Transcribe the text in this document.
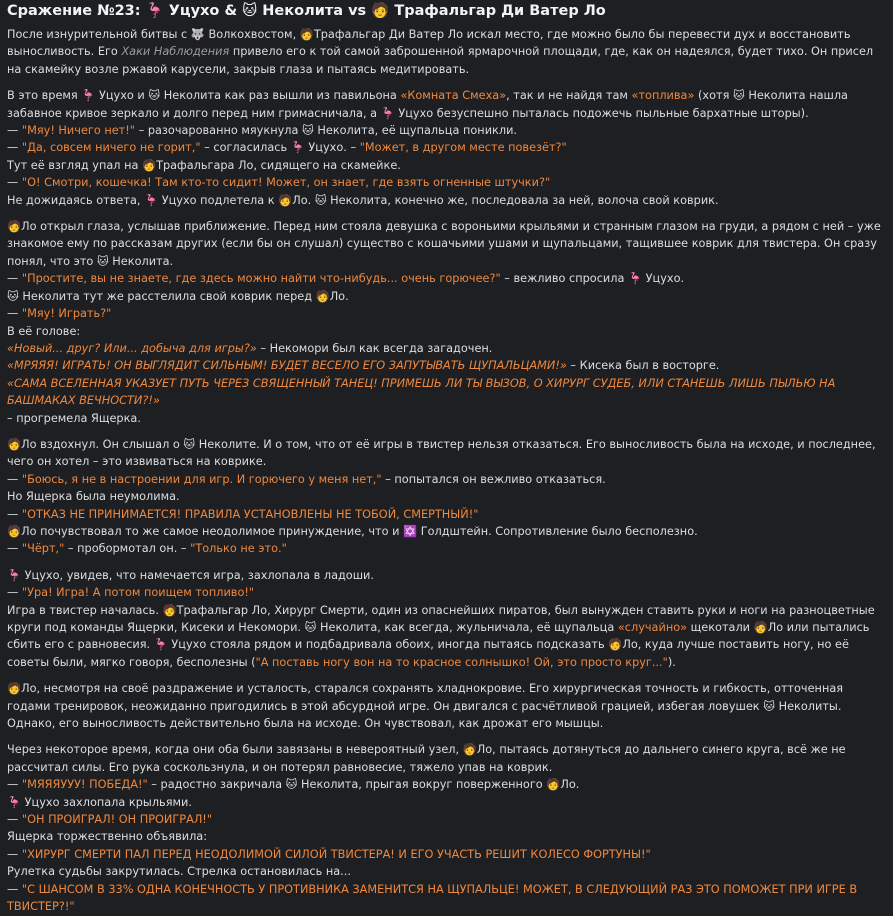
Сражение №23: 🦩 Уцухо & 🐱 Неколита vs 🧑 Трафальгар Ди Ватер Ло

После изнурительной битвы с 🐺 Волкохвостом, 🧑Трафальгар Ди Ватер Ло искал место, где можно было бы перевести дух и восстановить выносливость. Его Хаки Наблюдения привело его к той самой заброшенной ярмарочной площади, где, как он надеялся, будет тихо. Он присел на скамейку возле ржавой карусели, закрыв глаза и пытаясь медитировать.

В это время 🦩 Уцухо и 🐱 Неколита как раз вышли из павильона «Комната Смеха», так и не найдя там «топлива» (хотя 🐱 Неколита нашла забавное кривое зеркало и долго перед ним гримасничала, а 🦩 Уцухо безуспешно пыталась подожечь пыльные бархатные шторы).
— "Мяу! Ничего нет!" – разочарованно мяукнула 🐱 Неколита, её щупальца поникли.
— "Да, совсем ничего не горит," – согласилась 🦩 Уцухо. – "Может, в другом месте повезёт?"
Тут её взгляд упал на 🧑Трафальгара Ло, сидящего на скамейке.
— "О! Смотри, кошечка! Там кто-то сидит! Может, он знает, где взять огненные штучки?"
Не дожидаясь ответа, 🦩 Уцухо подлетела к 🧑Ло. 🐱 Неколита, конечно же, последовала за ней, волоча свой коврик.

🧑Ло открыл глаза, услышав приближение. Перед ним стояла девушка с вороньими крыльями и странным глазом на груди, а рядом с ней – уже знакомое ему по рассказам других (если бы он слушал) существо с кошачьими ушами и щупальцами, тащившее коврик для твистера. Он сразу понял, что это 🐱 Неколита.
— "Простите, вы не знаете, где здесь можно найти что-нибудь... очень горючее?" – вежливо спросила 🦩 Уцухо.
🐱 Неколита тут же расстелила свой коврик перед 🧑Ло.
— "Мяу! Играть?"
В её голове:
«Новый... друг? Или... добыча для игры?» – Некомори был как всегда загадочен.
«МРЯЯЯ! ИГРАТЬ! ОН ВЫГЛЯДИТ СИЛЬНЫМ! БУДЕТ ВЕСЕЛО ЕГО ЗАПУТЫВАТЬ ЩУПАЛЬЦАМИ!» – Кисека был в восторге.
«САМА ВСЕЛЕННАЯ УКАЗУЕТ ПУТЬ ЧЕРЕЗ СВЯЩЕННЫЙ ТАНЕЦ! ПРИМЕШЬ ЛИ ТЫ ВЫЗОВ, О ХИРУРГ СУДЕБ, ИЛИ СТАНЕШЬ ЛИШЬ ПЫЛЬЮ НА БАШМАКАХ ВЕЧНОСТИ?!»
– прогремела Ящерка.

🧑Ло вздохнул. Он слышал о 🐱 Неколите. И о том, что от её игры в твистер нельзя отказаться. Его выносливость была на исходе, и последнее, чего он хотел – это извиваться на коврике.
— "Боюсь, я не в настроении для игр. И горючего у меня нет," – попытался он вежливо отказаться.
Но Ящерка была неумолима.
— "ОТКАЗ НЕ ПРИНИМАЕТСЯ! ПРАВИЛА УСТАНОВЛЕНЫ НЕ ТОБОЙ, СМЕРТНЫЙ!"
🧑Ло почувствовал то же самое неодолимое принуждение, что и ✡️ Голдштейн. Сопротивление было бесполезно.
— "Чёрт," – пробормотал он. – "Только не это."

🦩 Уцухо, увидев, что намечается игра, захлопала в ладоши.
— "Ура! Игра! А потом поищем топливо!"
Игра в твистер началась. 🧑Трафальгар Ло, Хирург Смерти, один из опаснейших пиратов, был вынужден ставить руки и ноги на разноцветные круги под команды Ящерки, Кисеки и Некомори. 🐱 Неколита, как всегда, жульничала, её щупальца «случайно» щекотали 🧑Ло или пытались сбить его с равновесия. 🦩 Уцухо стояла рядом и подбадривала обоих, иногда пытаясь подсказать 🧑Ло, куда лучше поставить ногу, но её советы были, мягко говоря, бесполезны ("А поставь ногу вон на то красное солнышко! Ой, это просто круг...").

🧑Ло, несмотря на своё раздражение и усталость, старался сохранять хладнокровие. Его хирургическая точность и гибкость, отточенная годами тренировок, неожиданно пригодились в этой абсурдной игре. Он двигался с расчётливой грацией, избегая ловушек 🐱 Неколиты.
Однако, его выносливость действительно была на исходе. Он чувствовал, как дрожат его мышцы.

Через некоторое время, когда они оба были завязаны в невероятный узел, 🧑Ло, пытаясь дотянуться до дальнего синего круга, всё же не рассчитал силы. Его рука соскользнула, и он потерял равновесие, тяжело упав на коврик.
— "МЯЯЯУУУ! ПОБЕДА!" – радостно закричала 🐱 Неколита, прыгая вокруг поверженного 🧑Ло.
🦩 Уцухо захлопала крыльями.
— "ОН ПРОИГРАЛ! ОН ПРОИГРАЛ!"
Ящерка торжественно объявила:
— "ХИРУРГ СМЕРТИ ПАЛ ПЕРЕД НЕОДОЛИМОЙ СИЛОЙ ТВИСТЕРА! И ЕГО УЧАСТЬ РЕШИТ КОЛЕСО ФОРТУНЫ!"
Рулетка судьбы закрутилась. Стрелка остановилась на...
— "С ШАНСОМ В 33% ОДНА КОНЕЧНОСТЬ У ПРОТИВНИКА ЗАМЕНИТСЯ НА ЩУПАЛЬЦЕ! МОЖЕТ, В СЛЕДУЮЩИЙ РАЗ ЭТО ПОМОЖЕТ ПРИ ИГРЕ В ТВИСТЕР?!"
